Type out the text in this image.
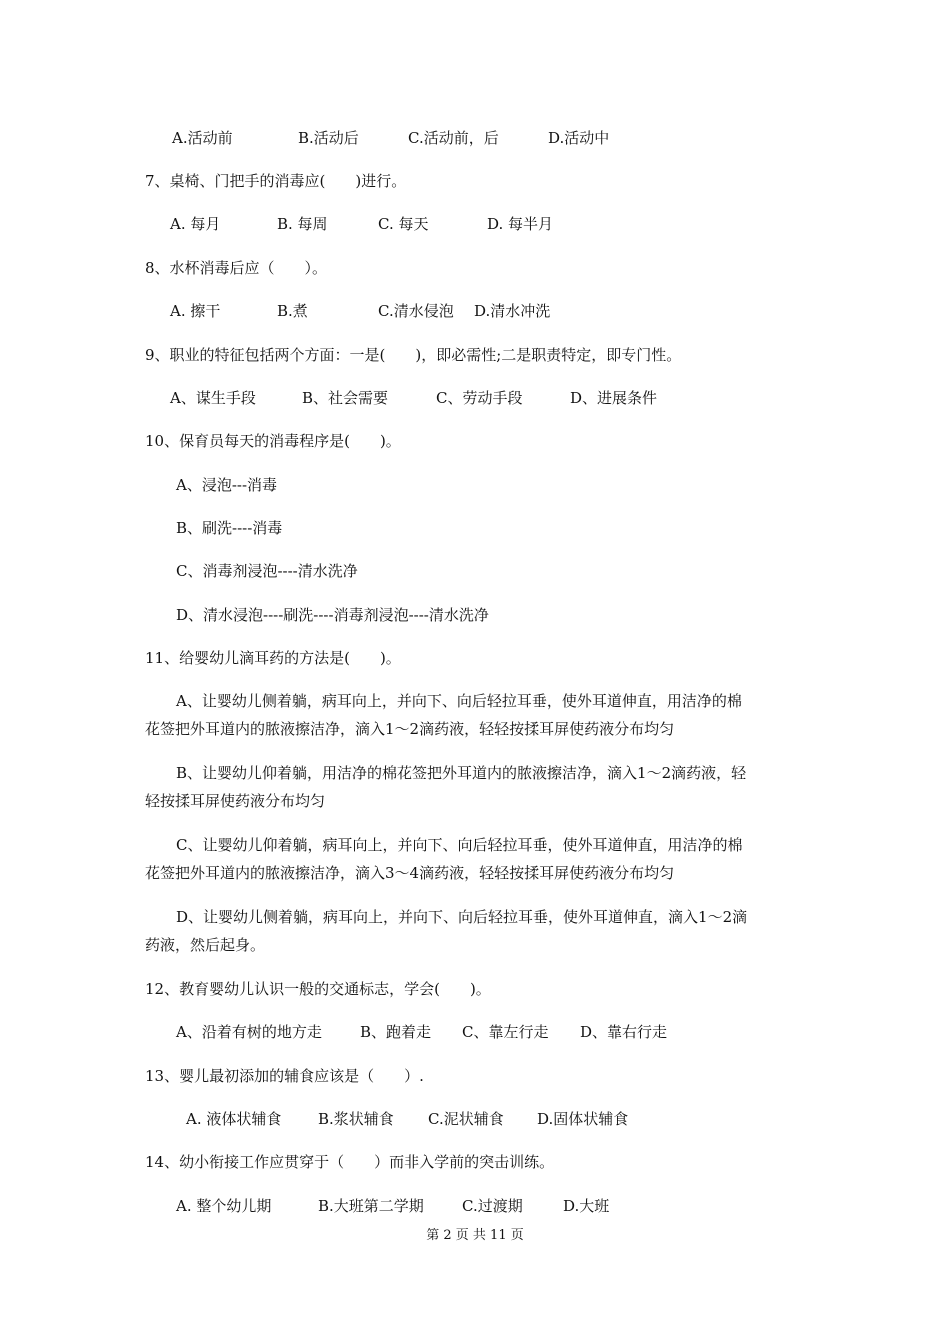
A.活动前	B.活动后	C.活动前，后	D.活动中
7、桌椅、门把手的消毒应(　　)进行。
A. 每月	B. 每周	C. 每天	D. 每半月
8、水杯消毒后应（　　）。
A. 擦干	B.煮	C.清水侵泡 D.清水冲洗
9、职业的特征包括两个方面：一是(　　)，即必需性;二是职责特定，即专门性。
A、谋生手段	B、社会需要	C、劳动手段	D、进展条件
10、保育员每天的消毒程序是(　　)。
A、浸泡---消毒
B、刷洗----消毒
C、消毒剂浸泡----清水洗净
D、清水浸泡----刷洗----消毒剂浸泡----清水洗净
11、给婴幼儿滴耳药的方法是(　　)。
A、让婴幼儿侧着躺，病耳向上，并向下、向后轻拉耳垂，使外耳道伸直，用洁净的棉
花签把外耳道内的脓液擦洁净，滴入1～2滴药液，轻轻按揉耳屏使药液分布均匀
B、让婴幼儿仰着躺，用洁净的棉花签把外耳道内的脓液擦洁净，滴入1～2滴药液，轻
轻按揉耳屏使药液分布均匀
C、让婴幼儿仰着躺，病耳向上，并向下、向后轻拉耳垂，使外耳道伸直，用洁净的棉
花签把外耳道内的脓液擦洁净，滴入3～4滴药液，轻轻按揉耳屏使药液分布均匀
D、让婴幼儿侧着躺，病耳向上，并向下、向后轻拉耳垂，使外耳道伸直，滴入1～2滴
药液，然后起身。
12、教育婴幼儿认识一般的交通标志，学会(　　)。
A、沿着有树的地方走	B、跑着走 C、靠左行走 D、靠右行走
13、婴儿最初添加的辅食应该是（　　）.
A. 液体状辅食 B.浆状辅食 C.泥状辅食 D.固体状辅食
14、幼小衔接工作应贯穿于（　　）而非入学前的突击训练。
A. 整个幼儿期	B.大班第二学期	C.过渡期	D.大班
第 2 页 共 11 页
